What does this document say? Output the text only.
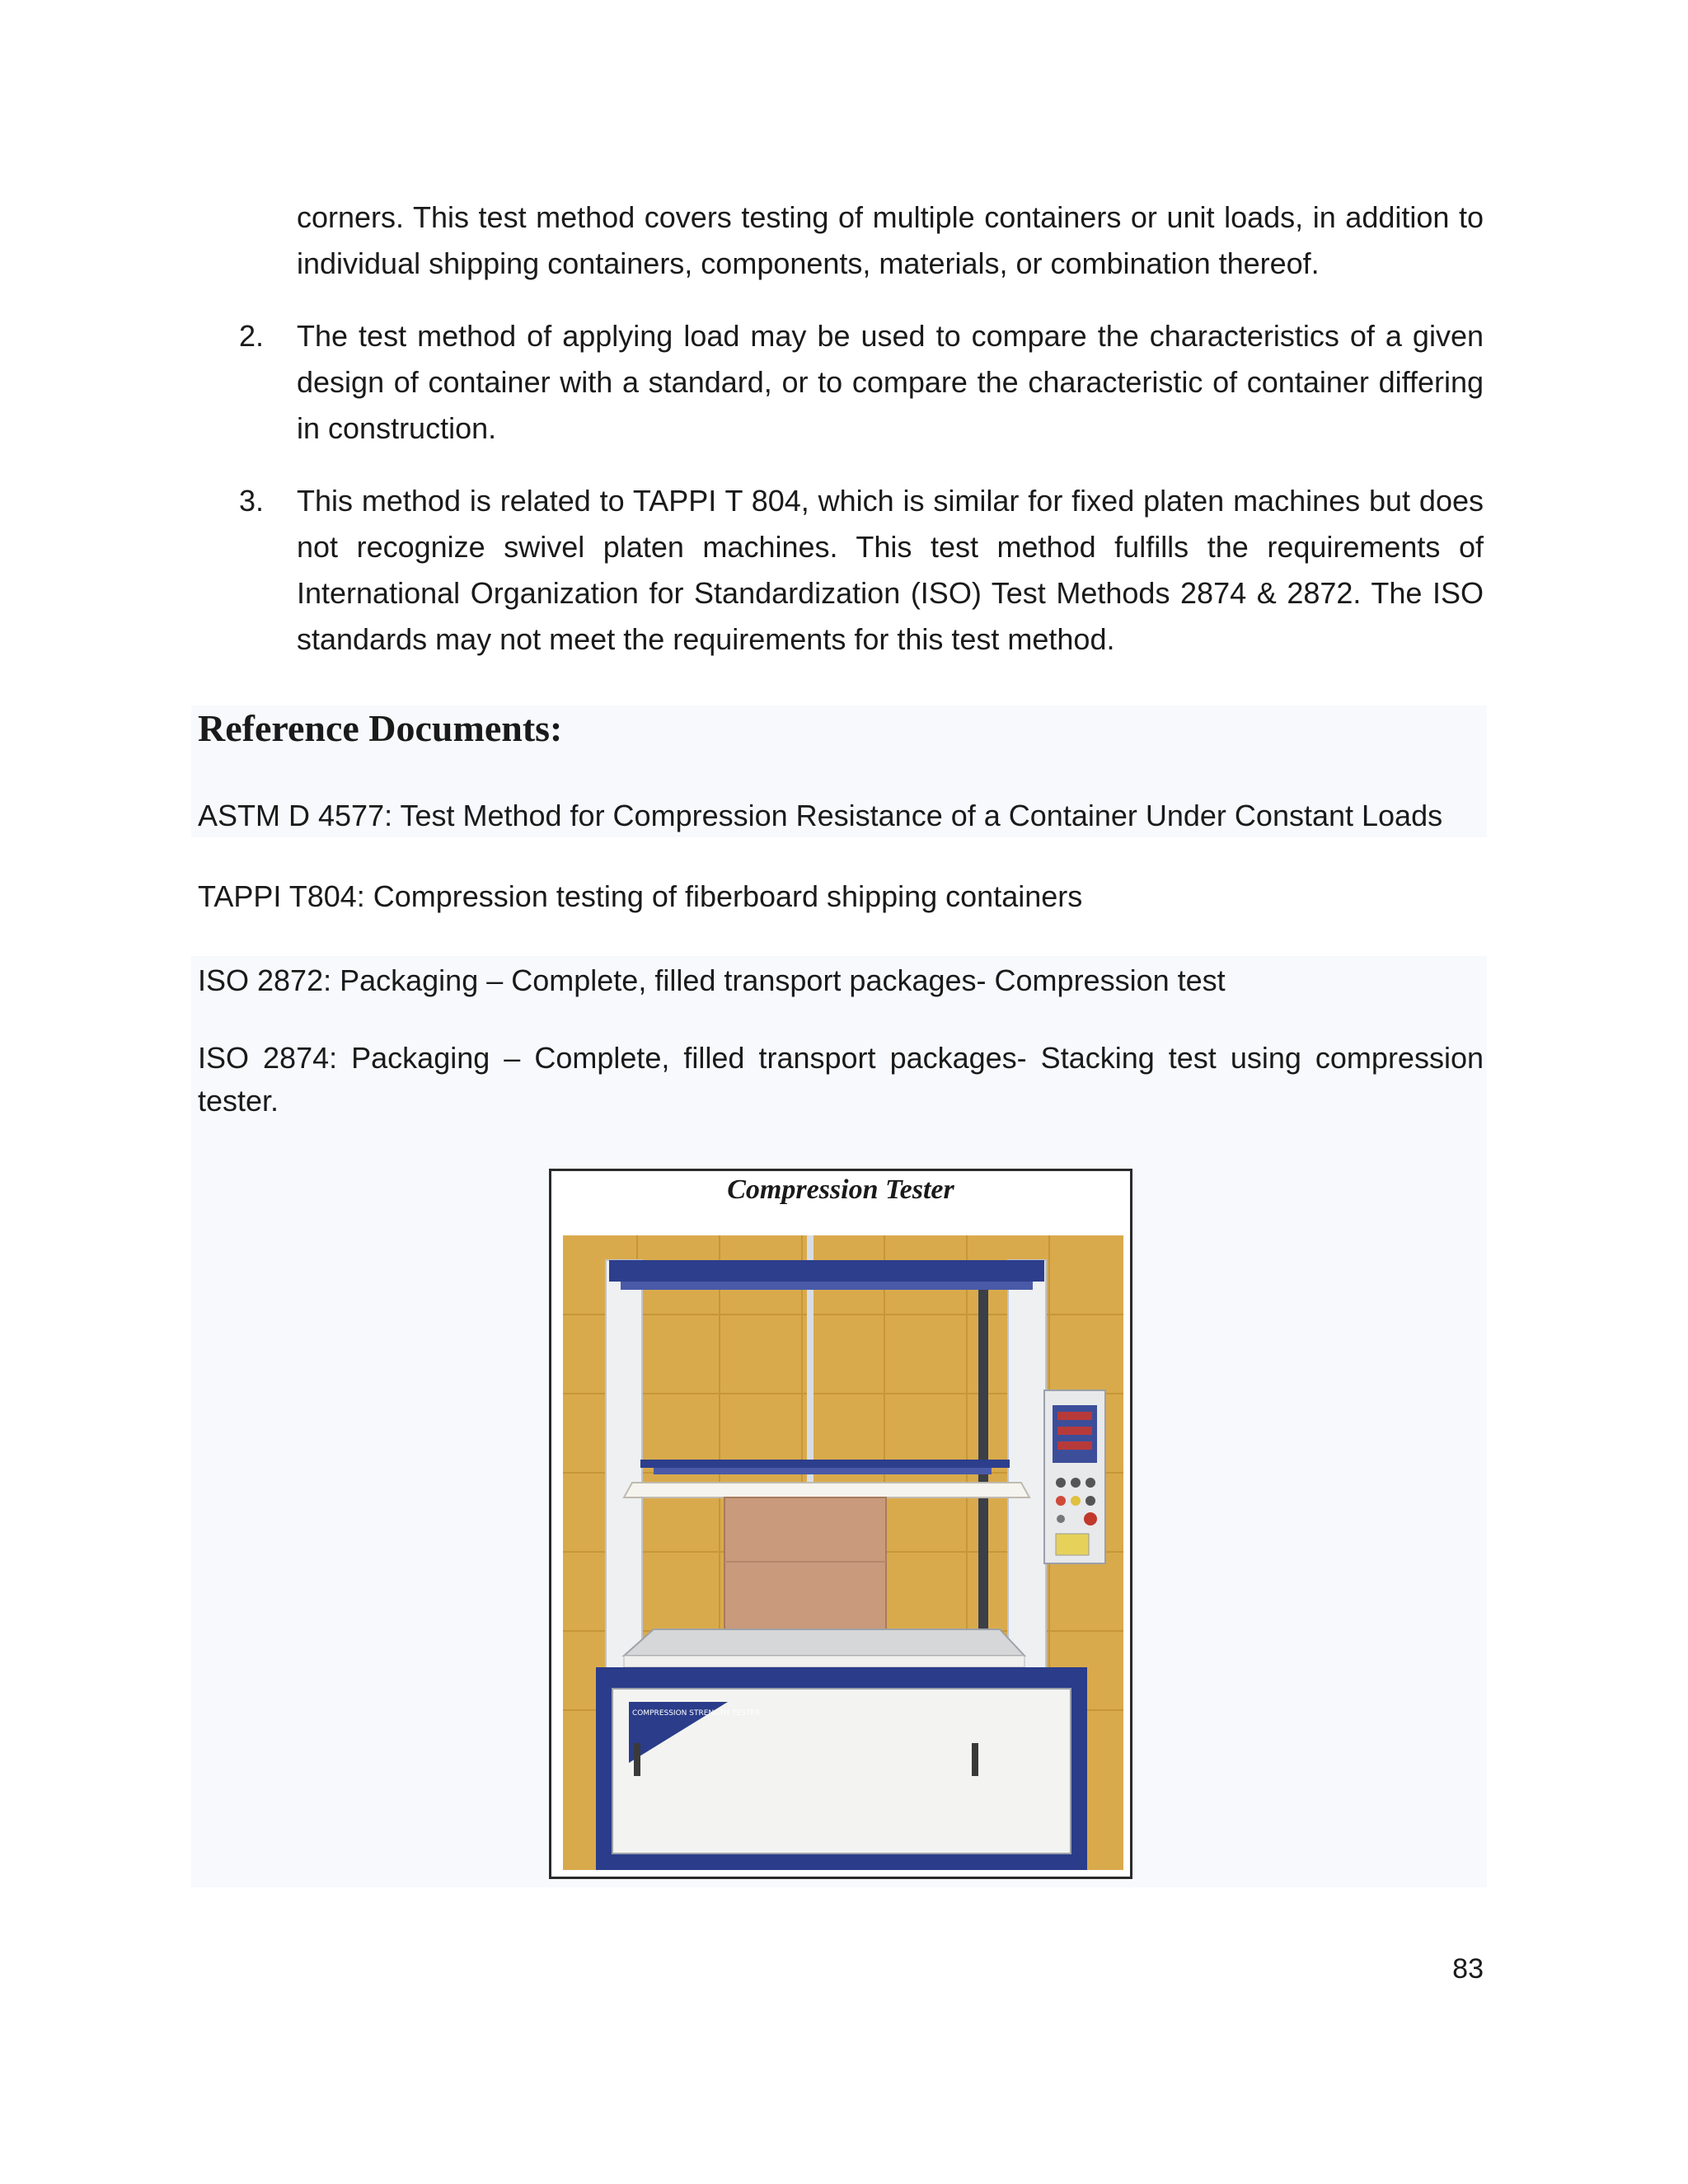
corners. This test method covers testing of multiple containers or unit loads, in addition to individual shipping containers, components, materials, or combination thereof.

2. The test method of applying load may be used to compare the characteristics of a given design of container with a standard, or to compare the characteristic of container differing in construction.
3. This method is related to TAPPI T 804, which is similar for fixed platen machines but does not recognize swivel platen machines. This test method fulfills the requirements of International Organization for Standardization (ISO) Test Methods 2874 & 2872. The ISO standards may not meet the requirements for this test method.
Reference Documents:

ASTM D 4577: Test Method for Compression Resistance of a Container Under Constant Loads

TAPPI T804: Compression testing of fiberboard shipping containers

ISO 2872: Packaging – Complete, filled transport packages- Compression test

ISO 2874: Packaging – Complete, filled transport packages- Stacking test using compression tester.

Compression Tester
COMPRESSION STRENGTH TESTER
83
